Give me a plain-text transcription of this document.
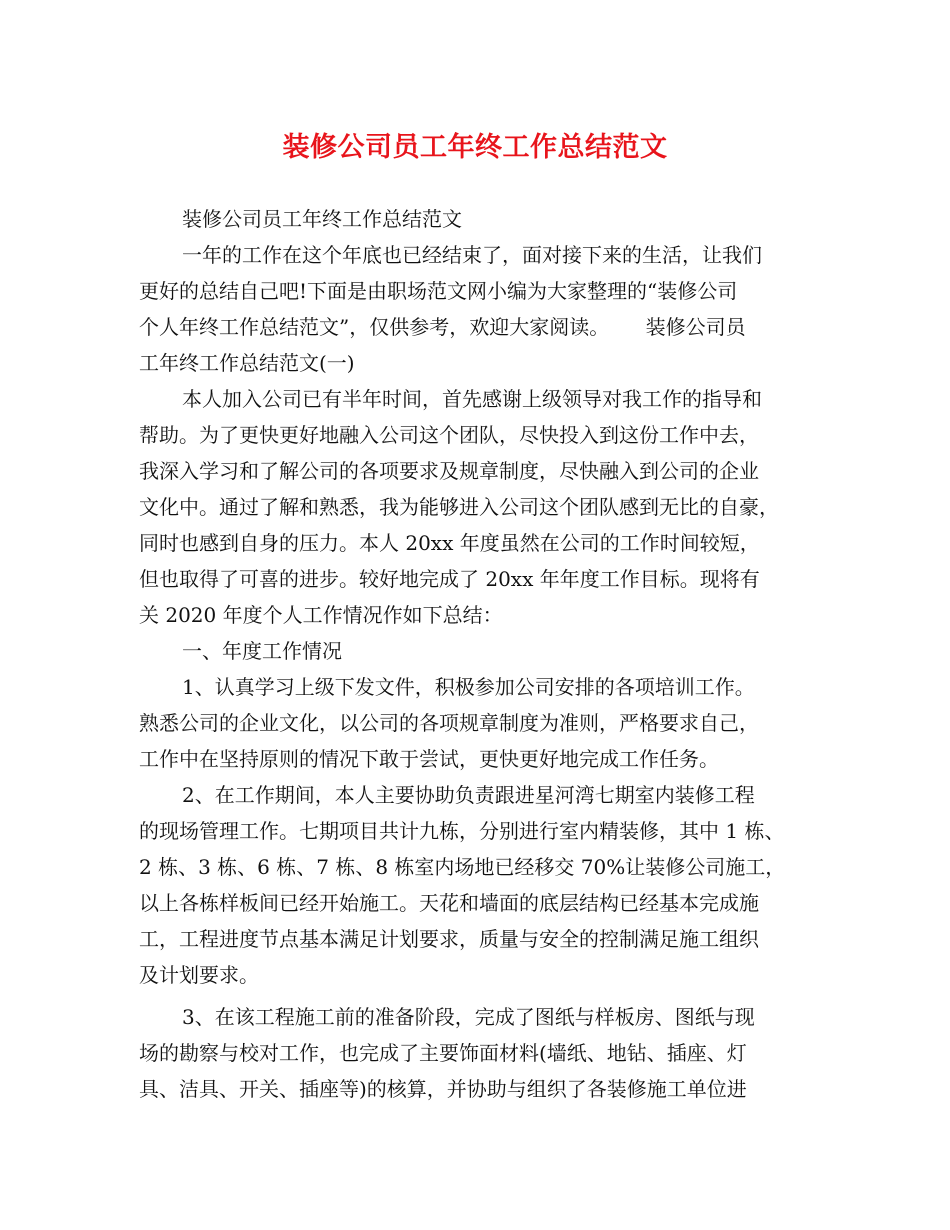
装修公司员工年终工作总结范文
装修公司员工年终工作总结范文
一年的工作在这个年底也已经结束了，面对接下来的生活，让我们
更好的总结自己吧!下面是由职场范文网小编为大家整理的“装修公司
个人年终工作总结范文”，仅供参考，欢迎大家阅读。　　 装修公司员
工年终工作总结范文(一)
本人加入公司已有半年时间，首先感谢上级领导对我工作的指导和
帮助。为了更快更好地融入公司这个团队，尽快投入到这份工作中去，
我深入学习和了解公司的各项要求及规章制度，尽快融入到公司的企业
文化中。通过了解和熟悉，我为能够进入公司这个团队感到无比的自豪，
同时也感到自身的压力。本人 20xx 年度虽然在公司的工作时间较短，
但也取得了可喜的进步。较好地完成了 20xx 年年度工作目标。现将有
关 2020 年度个人工作情况作如下总结：
一、年度工作情况
1、认真学习上级下发文件，积极参加公司安排的各项培训工作。
熟悉公司的企业文化，以公司的各项规章制度为准则，严格要求自己，
工作中在坚持原则的情况下敢于尝试，更快更好地完成工作任务。
2、在工作期间，本人主要协助负责跟进星河湾七期室内装修工程
的现场管理工作。七期项目共计九栋，分别进行室内精装修，其中 1 栋、
2 栋、3 栋、6 栋、7 栋、8 栋室内场地已经移交 70%让装修公司施工，
以上各栋样板间已经开始施工。天花和墙面的底层结构已经基本完成施
工，工程进度节点基本满足计划要求，质量与安全的控制满足施工组织
及计划要求。
3、在该工程施工前的准备阶段，完成了图纸与样板房、图纸与现
场的勘察与校对工作，也完成了主要饰面材料(墙纸、地钻、插座、灯
具、洁具、开关、插座等)的核算，并协助与组织了各装修施工单位进
